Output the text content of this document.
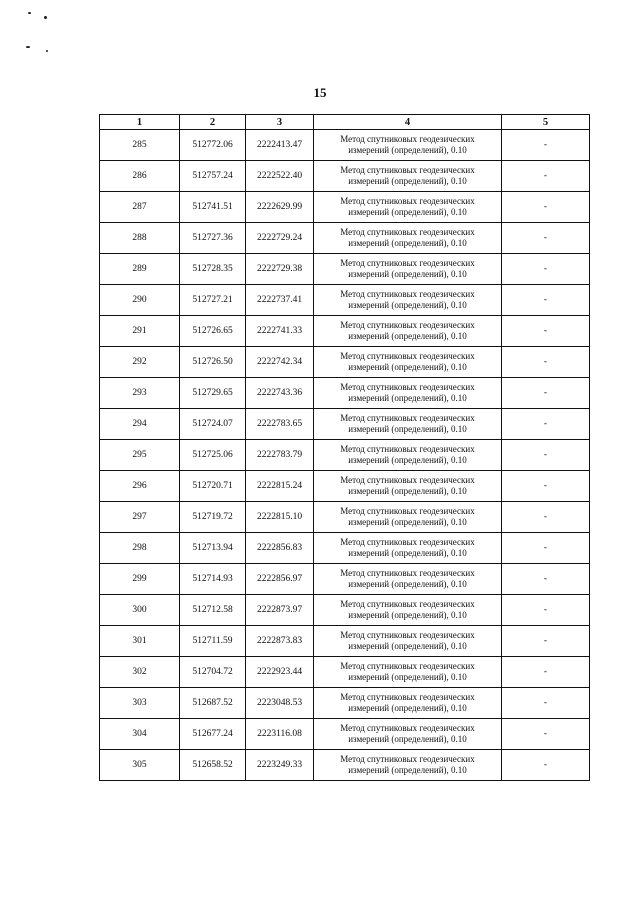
15
1	2	3	4	5
285	512772.06	2222413.47	Метод спутниковых геодезических
измерений (определений), 0.10	-
286	512757.24	2222522.40	Метод спутниковых геодезических
измерений (определений), 0.10	-
287	512741.51	2222629.99	Метод спутниковых геодезических
измерений (определений), 0.10	-
288	512727.36	2222729.24	Метод спутниковых геодезических
измерений (определений), 0.10	-
289	512728.35	2222729.38	Метод спутниковых геодезических
измерений (определений), 0.10	-
290	512727.21	2222737.41	Метод спутниковых геодезических
измерений (определений), 0.10	-
291	512726.65	2222741.33	Метод спутниковых геодезических
измерений (определений), 0.10	-
292	512726.50	2222742.34	Метод спутниковых геодезических
измерений (определений), 0.10	-
293	512729.65	2222743.36	Метод спутниковых геодезических
измерений (определений), 0.10	-
294	512724.07	2222783.65	Метод спутниковых геодезических
измерений (определений), 0.10	-
295	512725.06	2222783.79	Метод спутниковых геодезических
измерений (определений), 0.10	-
296	512720.71	2222815.24	Метод спутниковых геодезических
измерений (определений), 0.10	-
297	512719.72	2222815.10	Метод спутниковых геодезических
измерений (определений), 0.10	-
298	512713.94	2222856.83	Метод спутниковых геодезических
измерений (определений), 0.10	-
299	512714.93	2222856.97	Метод спутниковых геодезических
измерений (определений), 0.10	-
300	512712.58	2222873.97	Метод спутниковых геодезических
измерений (определений), 0.10	-
301	512711.59	2222873.83	Метод спутниковых геодезических
измерений (определений), 0.10	-
302	512704.72	2222923.44	Метод спутниковых геодезических
измерений (определений), 0.10	-
303	512687.52	2223048.53	Метод спутниковых геодезических
измерений (определений), 0.10	-
304	512677.24	2223116.08	Метод спутниковых геодезических
измерений (определений), 0.10	-
305	512658.52	2223249.33	Метод спутниковых геодезических
измерений (определений), 0.10	-
